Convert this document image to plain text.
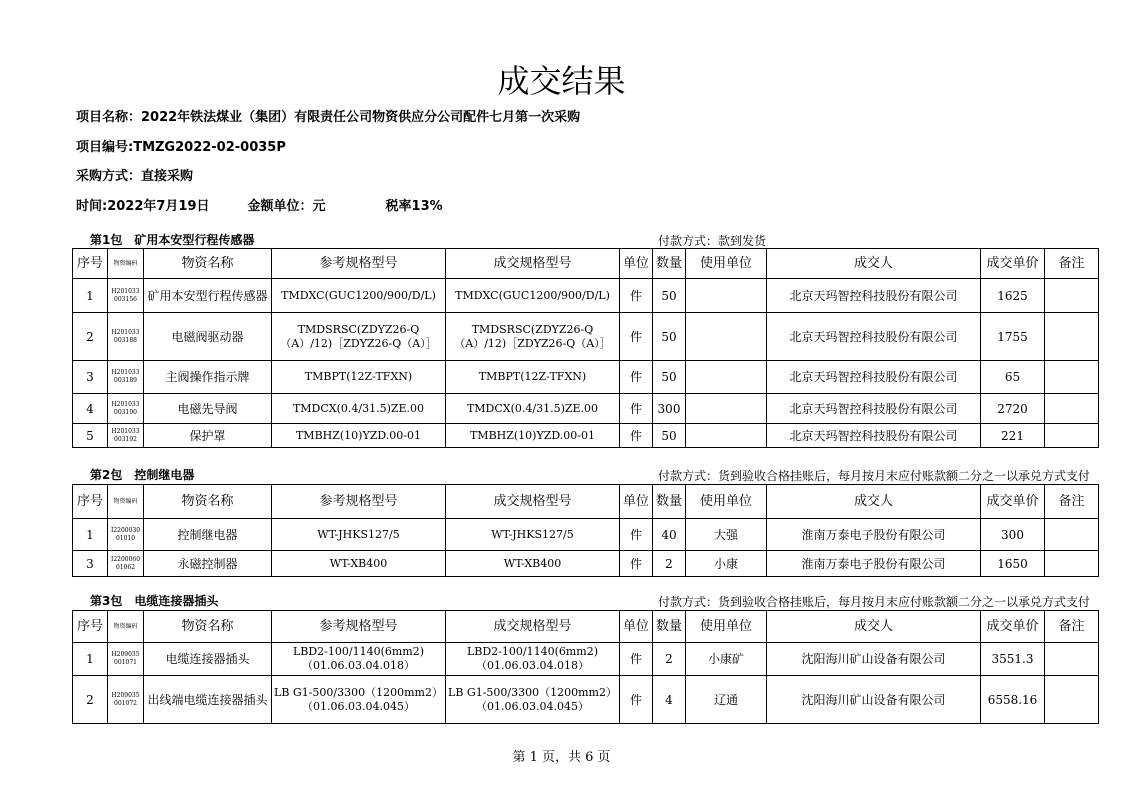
成交结果
项目名称：2022年铁法煤业（集团）有限责任公司物资供应分公司配件七月第一次采购
项目编号:TMZG2022-02-0035P
采购方式：直接采购
时间:2022年7月19日	金额单位：元	税率13%
第1包　矿用本安型行程传感器	付款方式：款到发货
序号	物资编码	物资名称	参考规格型号	成交规格型号	单位	数量	使用单位	成交人	成交单价	备注
1	H201033003156	矿用本安型行程传感器	TMDXC(GUC1200/900/D/L)	TMDXC(GUC1200/900/D/L)	件	50		北京天玛智控科技股份有限公司	1625	
2	H201033003188	电磁阀驱动器	TMDSRSC(ZDYZ26-Q（A）/12)［ZDYZ26-Q（A）］	TMDSRSC(ZDYZ26-Q（A）/12)［ZDYZ26-Q（A）］	件	50		北京天玛智控科技股份有限公司	1755	
3	H201033003189	主阀操作指示牌	TMBPT(12Z-TFXN)	TMBPT(12Z-TFXN)	件	50		北京天玛智控科技股份有限公司	65	
4	H201033003190	电磁先导阀	TMDCX(0.4/31.5)ZE.00	TMDCX(0.4/31.5)ZE.00	件	300		北京天玛智控科技股份有限公司	2720	
5	H201033003192	保护罩	TMBHZ(10)YZD.00-01	TMBHZ(10)YZD.00-01	件	50		北京天玛智控科技股份有限公司	221	
第2包　控制继电器	付款方式：货到验收合格挂账后，每月按月末应付账款额二分之一以承兑方式支付
序号	物资编码	物资名称	参考规格型号	成交规格型号	单位	数量	使用单位	成交人	成交单价	备注
1	I220003001010	控制继电器	WT-JHKS127/5	WT-JHKS127/5	件	40	大强	淮南万泰电子股份有限公司	300	
3	I220006001062	永磁控制器	WT-XB400	WT-XB400	件	2	小康	淮南万泰电子股份有限公司	1650	
第3包　电缆连接器插头	付款方式：货到验收合格挂账后，每月按月末应付账款额二分之一以承兑方式支付
序号	物资编码	物资名称	参考规格型号	成交规格型号	单位	数量	使用单位	成交人	成交单价	备注
1	H209035001071	电缆连接器插头	LBD2-100/1140(6mm2)（01.06.03.04.018）	LBD2-100/1140(6mm2)（01.06.03.04.018）	件	2	小康矿	沈阳海川矿山设备有限公司	3551.3	
2	H209035001072	出线端电缆连接器插头	LB G1-500/3300（1200mm2）（01.06.03.04.045）	LB G1-500/3300（1200mm2）（01.06.03.04.045）	件	4	辽通	沈阳海川矿山设备有限公司	6558.16	
第 1 页，共 6 页
